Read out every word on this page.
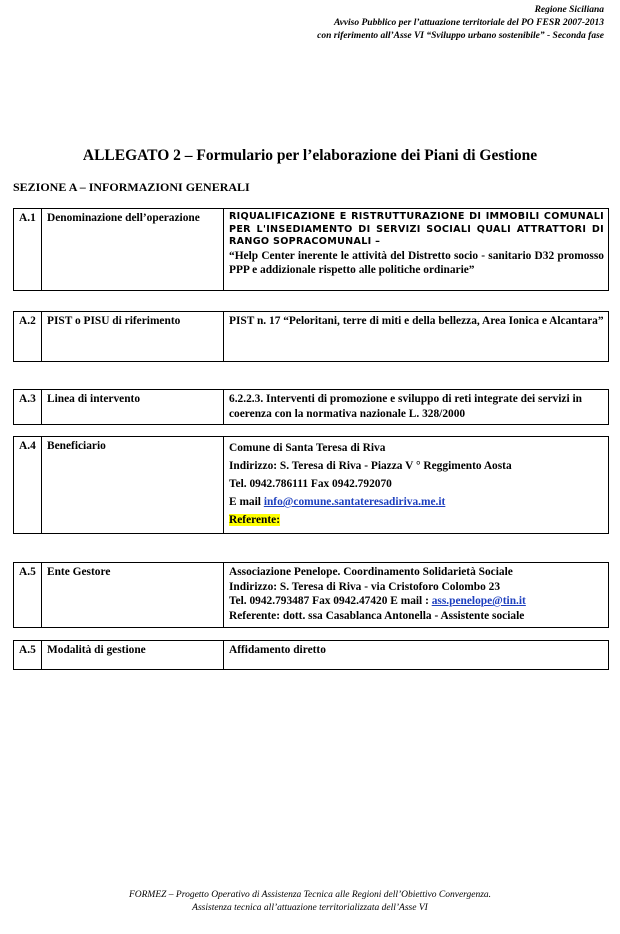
Regione Siciliana
Avviso Pubblico per l’attuazione territoriale del PO FESR 2007-2013
con riferimento all’Asse VI “Sviluppo urbano sostenibile” - Seconda fase
ALLEGATO 2 – Formulario per l’elaborazione dei Piani di Gestione
SEZIONE A – INFORMAZIONI GENERALI
A.1	Denominazione dell’operazione	RIQUALIFICAZIONE E RISTRUTTURAZIONE DI IMMOBILI COMUNALI PER L'INSEDIAMENTO DI SERVIZI SOCIALI QUALI ATTRATTORI DI RANGO SOPRACOMUNALI –
“Help Center inerente le attività del Distretto socio - sanitario D32 promosso PPP e addizionale rispetto alle politiche ordinarie”
A.2	PIST o PISU di riferimento	PIST n. 17 “Peloritani, terre di miti e della bellezza, Area Ionica e Alcantara”
A.3	Linea di intervento	6.2.2.3. Interventi di promozione e sviluppo di reti integrate dei servizi in coerenza con la normativa nazionale L. 328/2000
A.4	Beneficiario	Comune di Santa Teresa di Riva
Indirizzo: S. Teresa di Riva - Piazza V ° Reggimento Aosta
Tel. 0942.786111 Fax 0942.792070
E mail info@comune.santateresadiriva.me.it
Referente:
A.5	Ente Gestore	Associazione Penelope. Coordinamento Solidarietà Sociale
Indirizzo: S. Teresa di Riva - via Cristoforo Colombo 23
Tel. 0942.793487 Fax 0942.47420 E mail : ass.penelope@tin.it
Referente: dott. ssa Casablanca Antonella - Assistente sociale
A.5	Modalità di gestione	Affidamento diretto
FORMEZ – Progetto Operativo di Assistenza Tecnica alle Regioni dell’Obiettivo Convergenza.
Assistenza tecnica all’attuazione territorializzata dell’Asse VI
